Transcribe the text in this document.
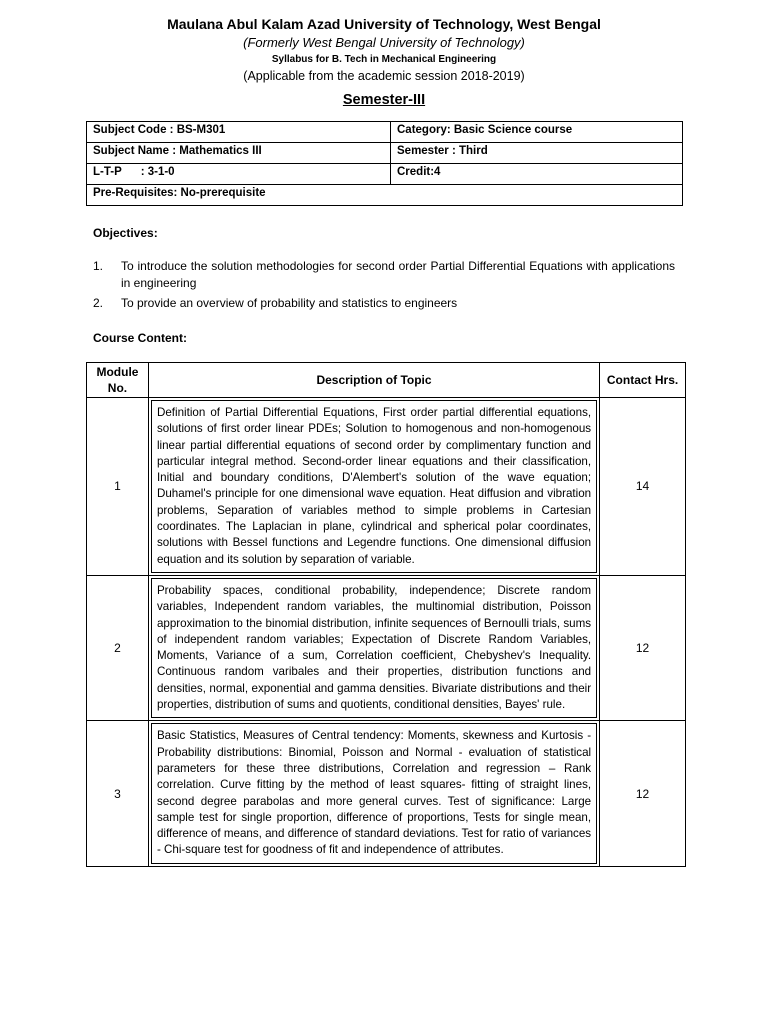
Maulana Abul Kalam Azad University of Technology, West Bengal
(Formerly West Bengal University of Technology)
Syllabus for B. Tech in Mechanical Engineering
(Applicable from the academic session 2018-2019)
Semester-III
Subject Code : BS-M301	Category: Basic Science course
Subject Name : Mathematics III	Semester : Third
L-T-P      : 3-1-0	Credit:4
Pre-Requisites: No-prerequisite	
Objectives:
1.	To introduce the solution methodologies for second order Partial Differential Equations with applications in engineering
2.	To provide an overview of probability and statistics to engineers
Course Content:
Module No.	Description of Topic	Contact Hrs.
1	Definition of Partial Differential Equations, First order partial differential equations, solutions of first order linear PDEs; Solution to homogenous and non-homogenous linear partial differential equations of second order by complimentary function and particular integral method. Second-order linear equations and their classification, Initial and boundary conditions, D'Alembert's solution of the wave equation; Duhamel's principle for one dimensional wave equation. Heat diffusion and vibration problems, Separation of variables method to simple problems in Cartesian coordinates. The Laplacian in plane, cylindrical and spherical polar coordinates, solutions with Bessel functions and Legendre functions. One dimensional diffusion equation and its solution by separation of variable.	14
2	Probability spaces, conditional probability, independence; Discrete random variables, Independent random variables, the multinomial distribution, Poisson approximation to the binomial distribution, infinite sequences of Bernoulli trials, sums of independent random variables; Expectation of Discrete Random Variables, Moments, Variance of a sum, Correlation coefficient, Chebyshev's Inequality. Continuous random varibales and their properties, distribution functions and densities, normal, exponential and gamma densities. Bivariate distributions and their properties, distribution of sums and quotients, conditional densities, Bayes' rule.	12
3	Basic Statistics, Measures of Central tendency: Moments, skewness and Kurtosis - Probability distributions: Binomial, Poisson and Normal - evaluation of statistical parameters for these three distributions, Correlation and regression – Rank correlation. Curve fitting by the method of least squares- fitting of straight lines, second degree parabolas and more general curves. Test of significance: Large sample test for single proportion, difference of proportions, Tests for single mean, difference of means, and difference of standard deviations. Test for ratio of variances - Chi-square test for goodness of fit and independence of attributes.	12
